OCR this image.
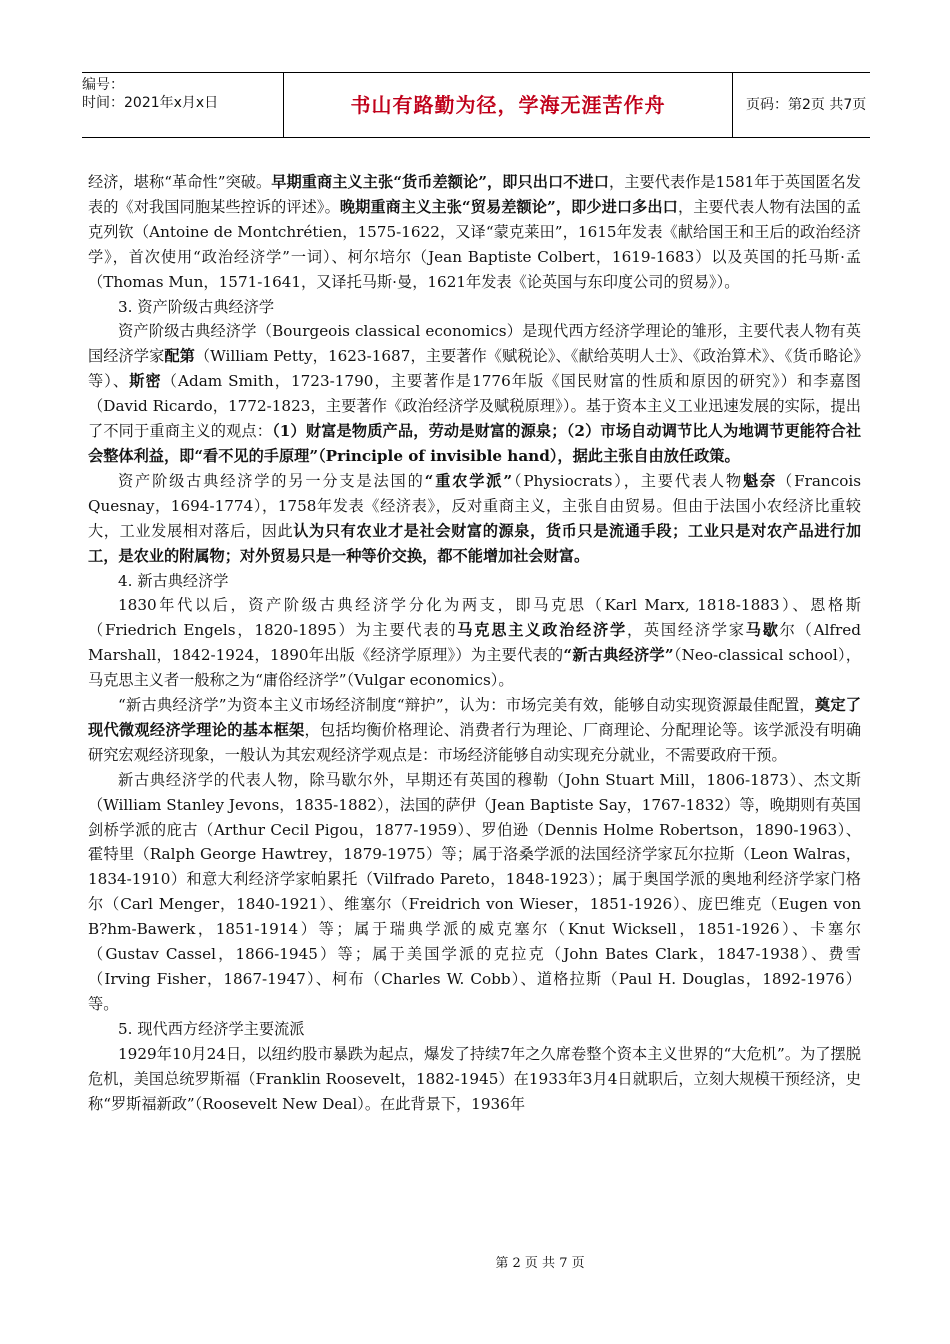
编号：
时间：2021年x月x日	书山有路勤为径，学海无涯苦作舟	页码：第2页 共7页

经济，堪称“革命性”突破。早期重商主义主张“货币差额论”，即只出口不进口，主要代表作是1581年于英国匿名发表的《对我国同胞某些控诉的评述》。晚期重商主义主张“贸易差额论”，即少进口多出口，主要代表人物有法国的孟克列钦（Antoine de Montchrétien，1575-1622，又译“蒙克莱田”，1615年发表《献给国王和王后的政治经济学》，首次使用“政治经济学”一词）、柯尔培尔（Jean Baptiste Colbert，1619-1683）以及英国的托马斯·孟（Thomas Mun，1571-1641，又译托马斯·曼，1621年发表《论英国与东印度公司的贸易》）。

3. 资产阶级古典经济学

资产阶级古典经济学（Bourgeois classical economics）是现代西方经济学理论的雏形，主要代表人物有英国经济学家配第（William Petty，1623-1687，主要著作《赋税论》、《献给英明人士》、《政治算术》、《货币略论》等）、斯密（Adam Smith，1723-1790，主要著作是1776年版《国民财富的性质和原因的研究》）和李嘉图（David Ricardo，1772-1823，主要著作《政治经济学及赋税原理》）。基于资本主义工业迅速发展的实际，提出了不同于重商主义的观点：（1）财富是物质产品，劳动是财富的源泉；（2）市场自动调节比人为地调节更能符合社会整体利益，即“看不见的手原理”（Principle of invisible hand），据此主张自由放任政策。

资产阶级古典经济学的另一分支是法国的“重农学派”（Physiocrats），主要代表人物魁奈（Francois Quesnay，1694-1774），1758年发表《经济表》，反对重商主义，主张自由贸易。但由于法国小农经济比重较大，工业发展相对落后，因此认为只有农业才是社会财富的源泉，货币只是流通手段；工业只是对农产品进行加工，是农业的附属物；对外贸易只是一种等价交换，都不能增加社会财富。

4. 新古典经济学

1830年代以后，资产阶级古典经济学分化为两支，即马克思（Karl Marx, 1818-1883）、恩格斯（Friedrich Engels，1820-1895）为主要代表的马克思主义政治经济学，英国经济学家马歇尔（Alfred Marshall，1842-1924，1890年出版《经济学原理》）为主要代表的“新古典经济学”（Neo-classical school），马克思主义者一般称之为“庸俗经济学”（Vulgar economics）。

“新古典经济学”为资本主义市场经济制度“辩护”，认为：市场完美有效，能够自动实现资源最佳配置，奠定了现代微观经济学理论的基本框架，包括均衡价格理论、消费者行为理论、厂商理论、分配理论等。该学派没有明确研究宏观经济现象，一般认为其宏观经济学观点是：市场经济能够自动实现充分就业，不需要政府干预。

新古典经济学的代表人物，除马歇尔外，早期还有英国的穆勒（John Stuart Mill，1806-1873）、杰文斯（William Stanley Jevons，1835-1882），法国的萨伊（Jean Baptiste Say，1767-1832）等，晚期则有英国剑桥学派的庇古（Arthur Cecil Pigou，1877-1959）、罗伯逊（Dennis Holme Robertson，1890-1963）、霍特里（Ralph George Hawtrey，1879-1975）等；属于洛桑学派的法国经济学家瓦尔拉斯（Leon Walras，1834-1910）和意大利经济学家帕累托（Vilfrado Pareto，1848-1923）；属于奥国学派的奥地利经济学家门格尔（Carl Menger，1840-1921）、维塞尔（Freidrich von Wieser，1851-1926）、庞巴维克（Eugen von B?hm-Bawerk，1851-1914）等；属于瑞典学派的威克塞尔（Knut Wicksell，1851-1926）、卡塞尔（Gustav Cassel，1866-1945）等；属于美国学派的克拉克（John Bates Clark，1847-1938）、费雪（Irving Fisher，1867-1947）、柯布（Charles W. Cobb）、道格拉斯（Paul H. Douglas，1892-1976）等。

5. 现代西方经济学主要流派

1929年10月24日，以纽约股市暴跌为起点，爆发了持续7年之久席卷整个资本主义世界的“大危机”。为了摆脱危机，美国总统罗斯福（Franklin Roosevelt，1882-1945）在1933年3月4日就职后，立刻大规模干预经济，史称“罗斯福新政”（Roosevelt New Deal）。在此背景下，1936年

第 2 页 共 7 页
